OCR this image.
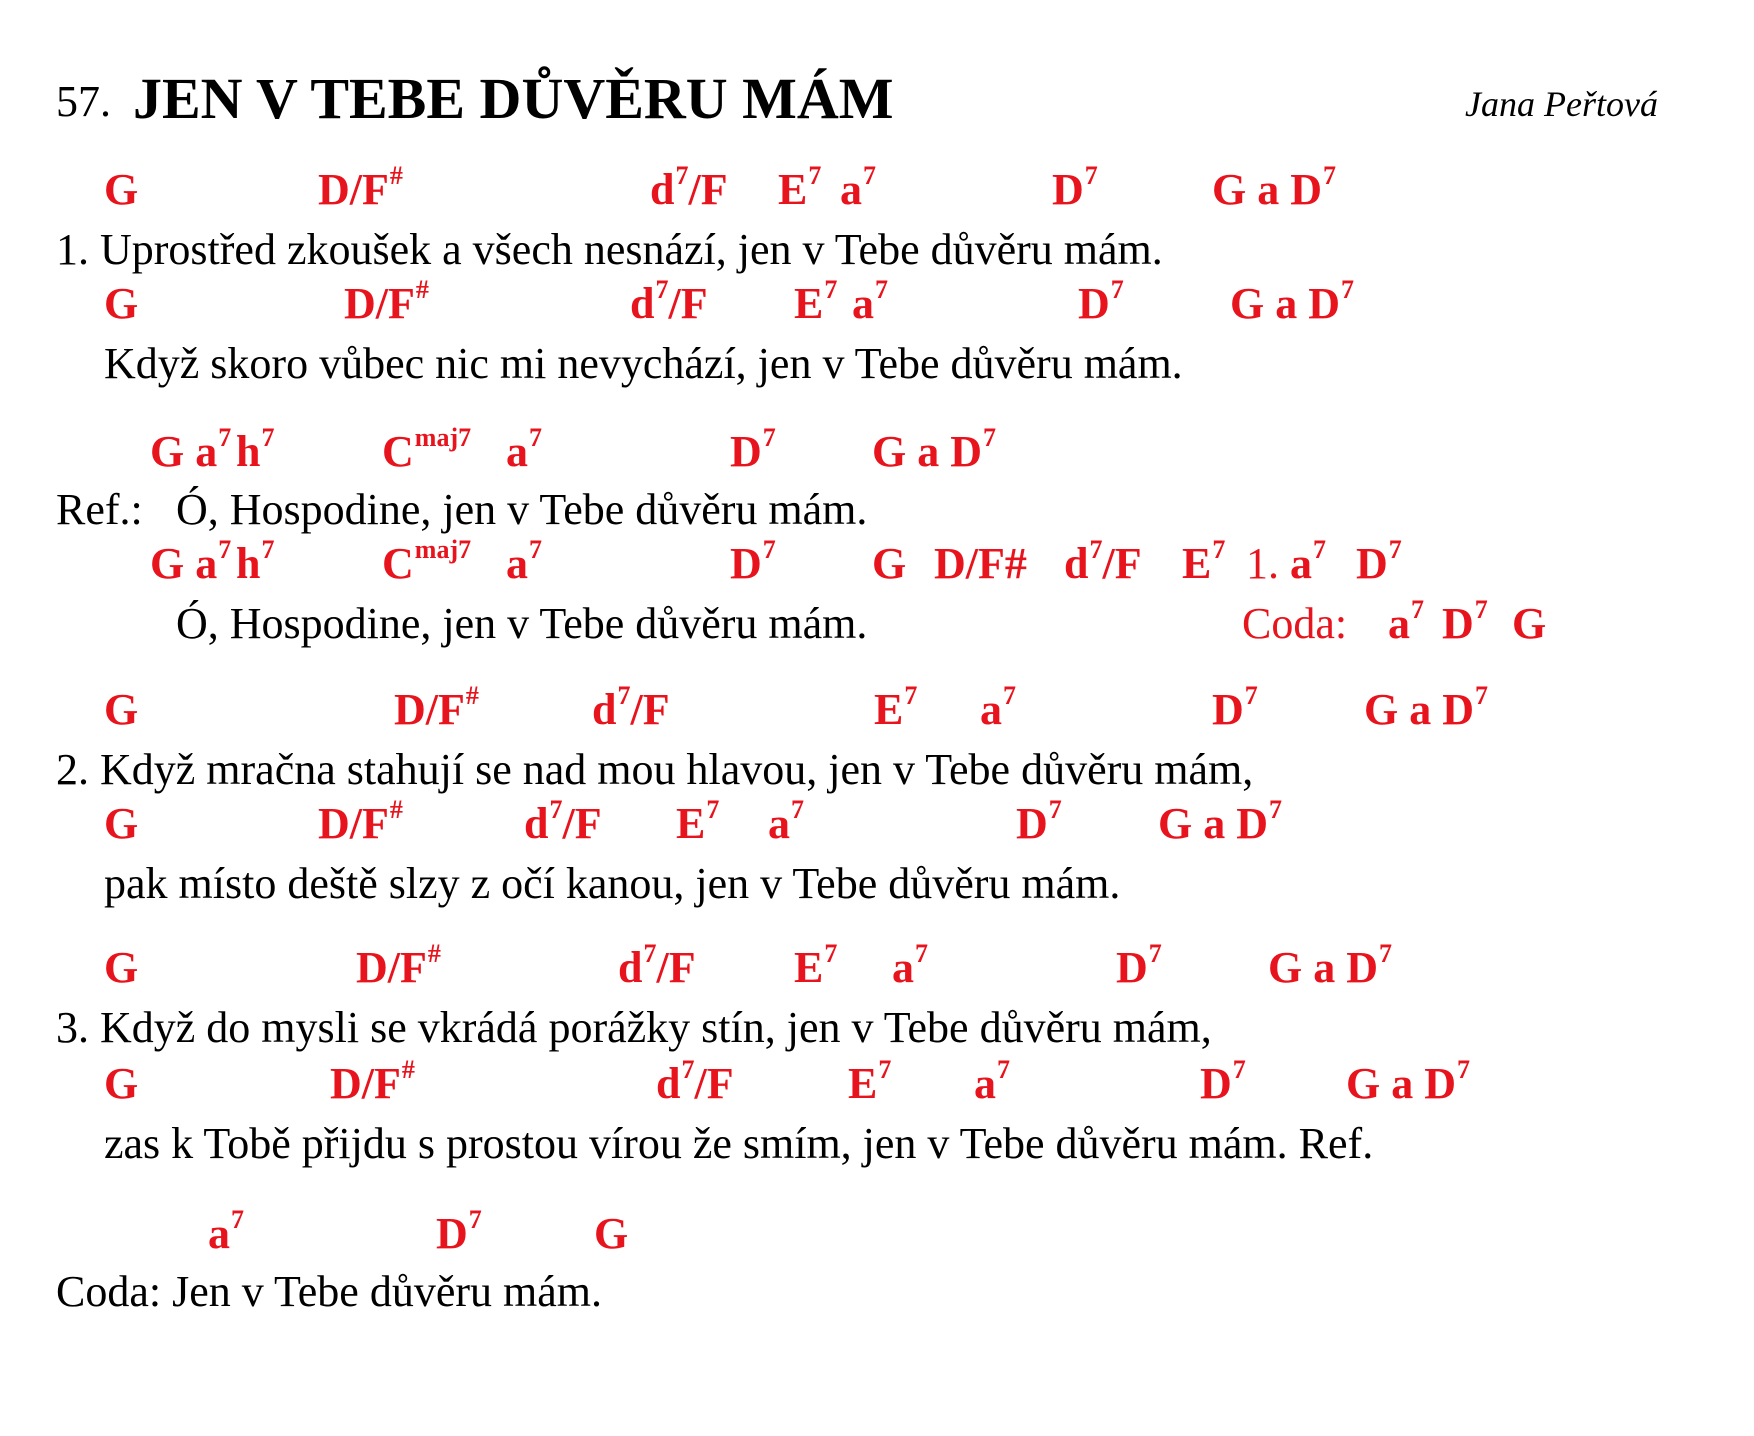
57. JEN V TEBE DŮVĚRU MÁM	Jana Peřtová
G	D/F#	$d^7/F$ $E^7$ $a^7$	$D^7$	G a $D^7$
1. Uprostřed zkoušek a všech nesnází, jen v Tebe důvěru mám.
G	D/F#	$d^7/F$ $E^7$ $a^7$	$D^7$ G a $D^7$
Když skoro vůbec nic mi nevychází, jen v Tebe důvěru mám.
G $a^7$ $h^7$ $C^{maj7}$ $a^7$	$D^7$ G a $D^7$
Ref.: Ó, Hospodine, jen v Tebe důvěru mám.
G $a^7$ $h^7$ $C^{maj7}$ $a^7$	$D^7$ G D/F# $d^7/F$ $E^7$ 1. $a^7$ $D^7$
Ó, Hospodine, jen v Tebe důvěru mám.	Coda: $a^7$ $D^7$ G
G	D/F#	$d^7/F$	$E^7$ $a^7$	$D^7$ G a $D^7$
2. Když mračna stahují se nad mou hlavou, jen v Tebe důvěru mám,
G	D/F#	$d^7/F$ $E^7$ $a^7$	$D^7$ G a $D^7$
pak místo deště slzy z očí kanou, jen v Tebe důvěru mám.
G	D/F#	$d^7/F$ $E^7$ $a^7$	$D^7$ G a $D^7$
3. Když do mysli se vkrádá porážky stín, jen v Tebe důvěru mám,
G	D/F#	$d^7/F$	$E^7$ $a^7$	$D^7$ G a $D^7$
zas k Tobě přijdu s prostou vírou že smím, jen v Tebe důvěru mám. Ref.
$a^7$	$D^7$	G
Coda: Jen v Tebe důvěru mám.
